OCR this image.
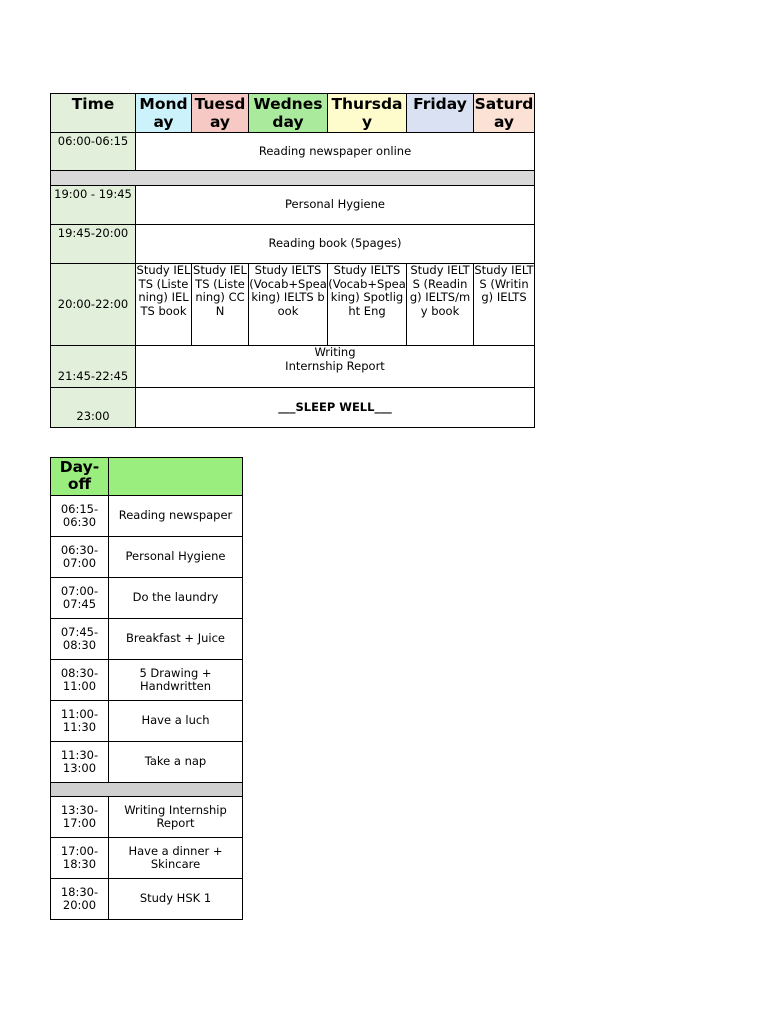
Time	Monday	Tuesday	Wednesday	Thursday	Friday	Saturday
06:00-06:15	Reading newspaper online					

19:00 - 19:45	Personal Hygiene					
19:45-20:00	Reading book (5pages)					
20:00-22:00	Study IELTS (Listening) IELTS book	Study IELTS (Listening) CCN	Study IELTS (Vocab+Speaking) IELTS book	Study IELTS (Vocab+Speaking) Spotlight Eng	Study IELTS (Reading) IELTS/my book	Study IELTS (Writing) IELTS
21:45-22:45	Writing
Internship Report					

23:00	___SLEEP WELL___					
Day-off	
06:15-06:30	Reading newspaper
06:30-07:00	Personal Hygiene
07:00-07:45	Do the laundry
07:45-08:30	Breakfast + Juice
08:30-11:00	5 Drawing + Handwritten
11:00-11:30	Have a luch
11:30-13:00	Take a nap

13:30-17:00	Writing Internship Report
17:00-18:30	Have a dinner + Skincare
18:30-20:00	Study HSK 1
